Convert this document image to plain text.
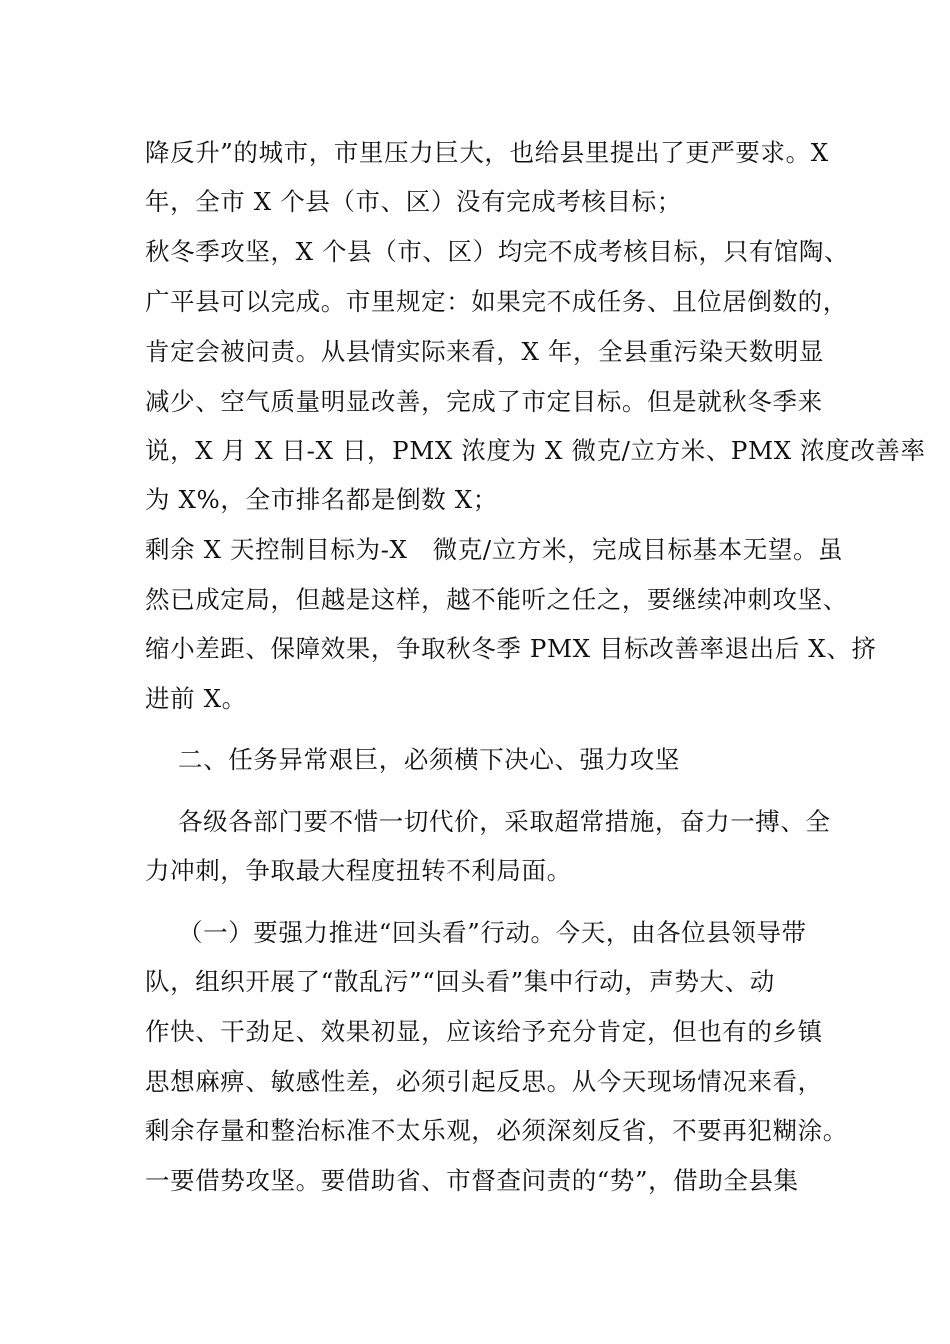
降反升”的城市，市里压力巨大，也给县里提出了更严要求。X
年，全市 X 个县（市、区）没有完成考核目标；
秋冬季攻坚，X 个县（市、区）均完不成考核目标，只有馆陶、
广平县可以完成。市里规定：如果完不成任务、且位居倒数的，
肯定会被问责。从县情实际来看，X 年，全县重污染天数明显
减少、空气质量明显改善，完成了市定目标。但是就秋冬季来
说，X 月 X 日-X 日，PMX 浓度为 X 微克/立方米、PMX 浓度改善率
为 X%，全市排名都是倒数 X；
剩余 X 天控制目标为-X   微克/立方米，完成目标基本无望。虽
然已成定局，但越是这样，越不能听之任之，要继续冲刺攻坚、
缩小差距、保障效果，争取秋冬季 PMX 目标改善率退出后 X、挤
进前 X。
二、任务异常艰巨，必须横下决心、强力攻坚
各级各部门要不惜一切代价，采取超常措施，奋力一搏、全
力冲刺，争取最大程度扭转不利局面。
（一）要强力推进“回头看”行动。今天，由各位县领导带
队，组织开展了“散乱污”“回头看”集中行动，声势大、动
作快、干劲足、效果初显，应该给予充分肯定，但也有的乡镇
思想麻痹、敏感性差，必须引起反思。从今天现场情况来看，
剩余存量和整治标准不太乐观，必须深刻反省，不要再犯糊涂。
一要借势攻坚。要借助省、市督查问责的“势”，借助全县集
